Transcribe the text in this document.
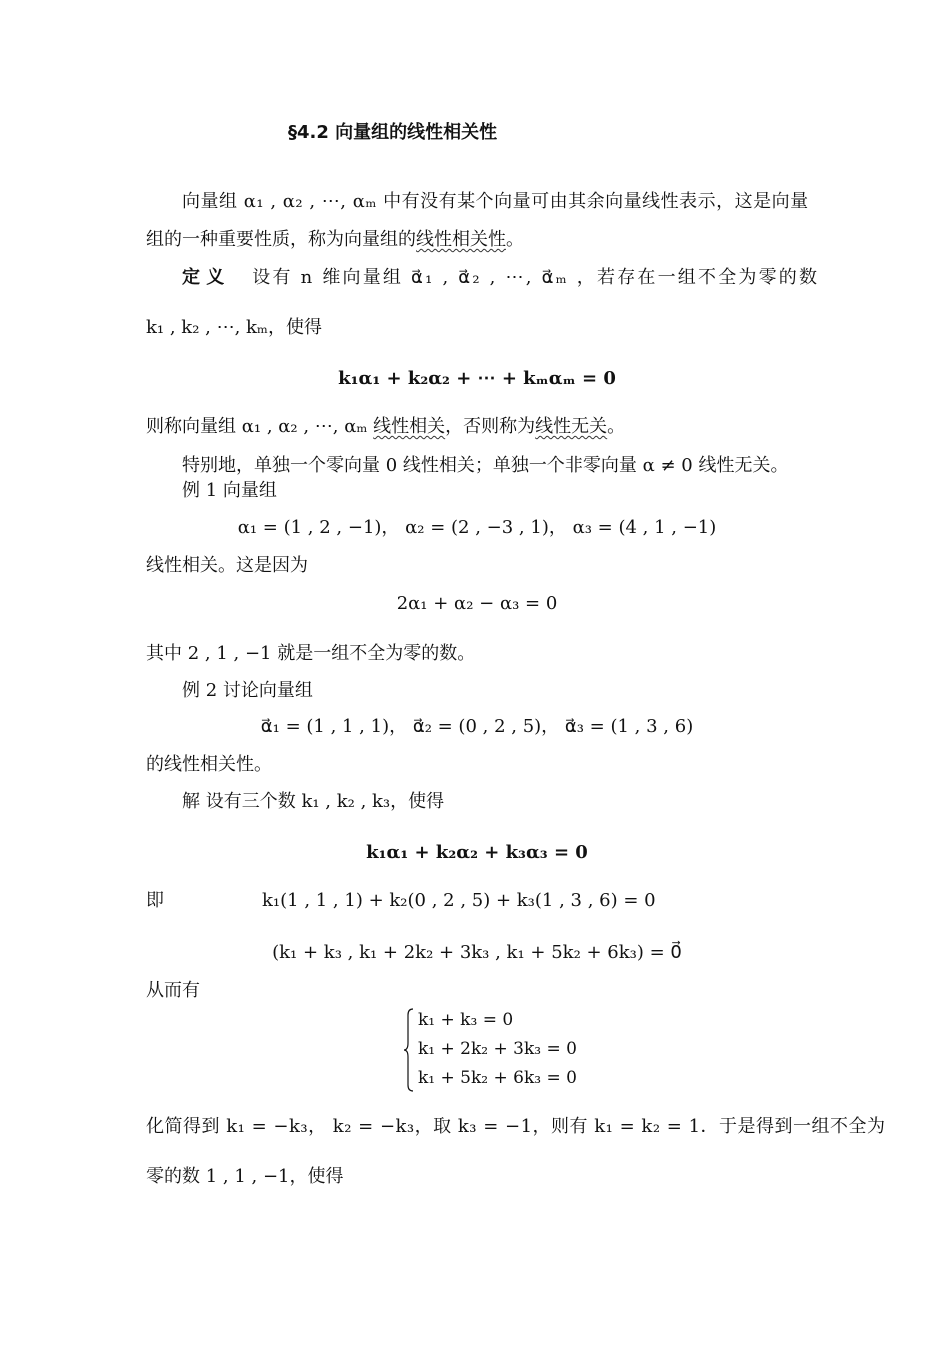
§4.2 向量组的线性相关性
向量组 α₁ , α₂ , ⋯, αₘ 中有没有某个向量可由其余向量线性表示，这是向量
组的一种重要性质，称为向量组的线性相关性。
定 义 设有 n 维向量组 α⃗₁ , α⃗₂ , ⋯, α⃗ₘ ，若存在一组不全为零的数
k₁ , k₂ , ⋯, kₘ，使得
k₁α₁ + k₂α₂ + ⋯ + kₘαₘ = 0
则称向量组 α₁ , α₂ , ⋯, αₘ 线性相关，否则称为线性无关。
特别地，单独一个零向量 0 线性相关；单独一个非零向量 α ≠ 0 线性无关。
例 1 向量组
α₁ = (1 , 2 , −1)， α₂ = (2 , −3 , 1)， α₃ = (4 , 1 , −1)
线性相关。这是因为
2α₁ + α₂ − α₃ = 0
其中 2 , 1 , −1 就是一组不全为零的数。
例 2 讨论向量组
α⃗₁ = (1 , 1 , 1)， α⃗₂ = (0 , 2 , 5)， α⃗₃ = (1 , 3 , 6)
的线性相关性。
解 设有三个数 k₁ , k₂ , k₃，使得
k₁α₁ + k₂α₂ + k₃α₃ = 0
即	k₁(1 , 1 , 1) + k₂(0 , 2 , 5) + k₃(1 , 3 , 6) = 0
(k₁ + k₃ , k₁ + 2k₂ + 3k₃ , k₁ + 5k₂ + 6k₃) = 0⃗
从而有
k₁ + k₃ = 0
k₁ + 2k₂ + 3k₃ = 0
k₁ + 5k₂ + 6k₃ = 0
化简得到 k₁ = −k₃， k₂ = −k₃，取 k₃ = −1，则有 k₁ = k₂ = 1．于是得到一组不全为
零的数 1 , 1 , −1，使得
